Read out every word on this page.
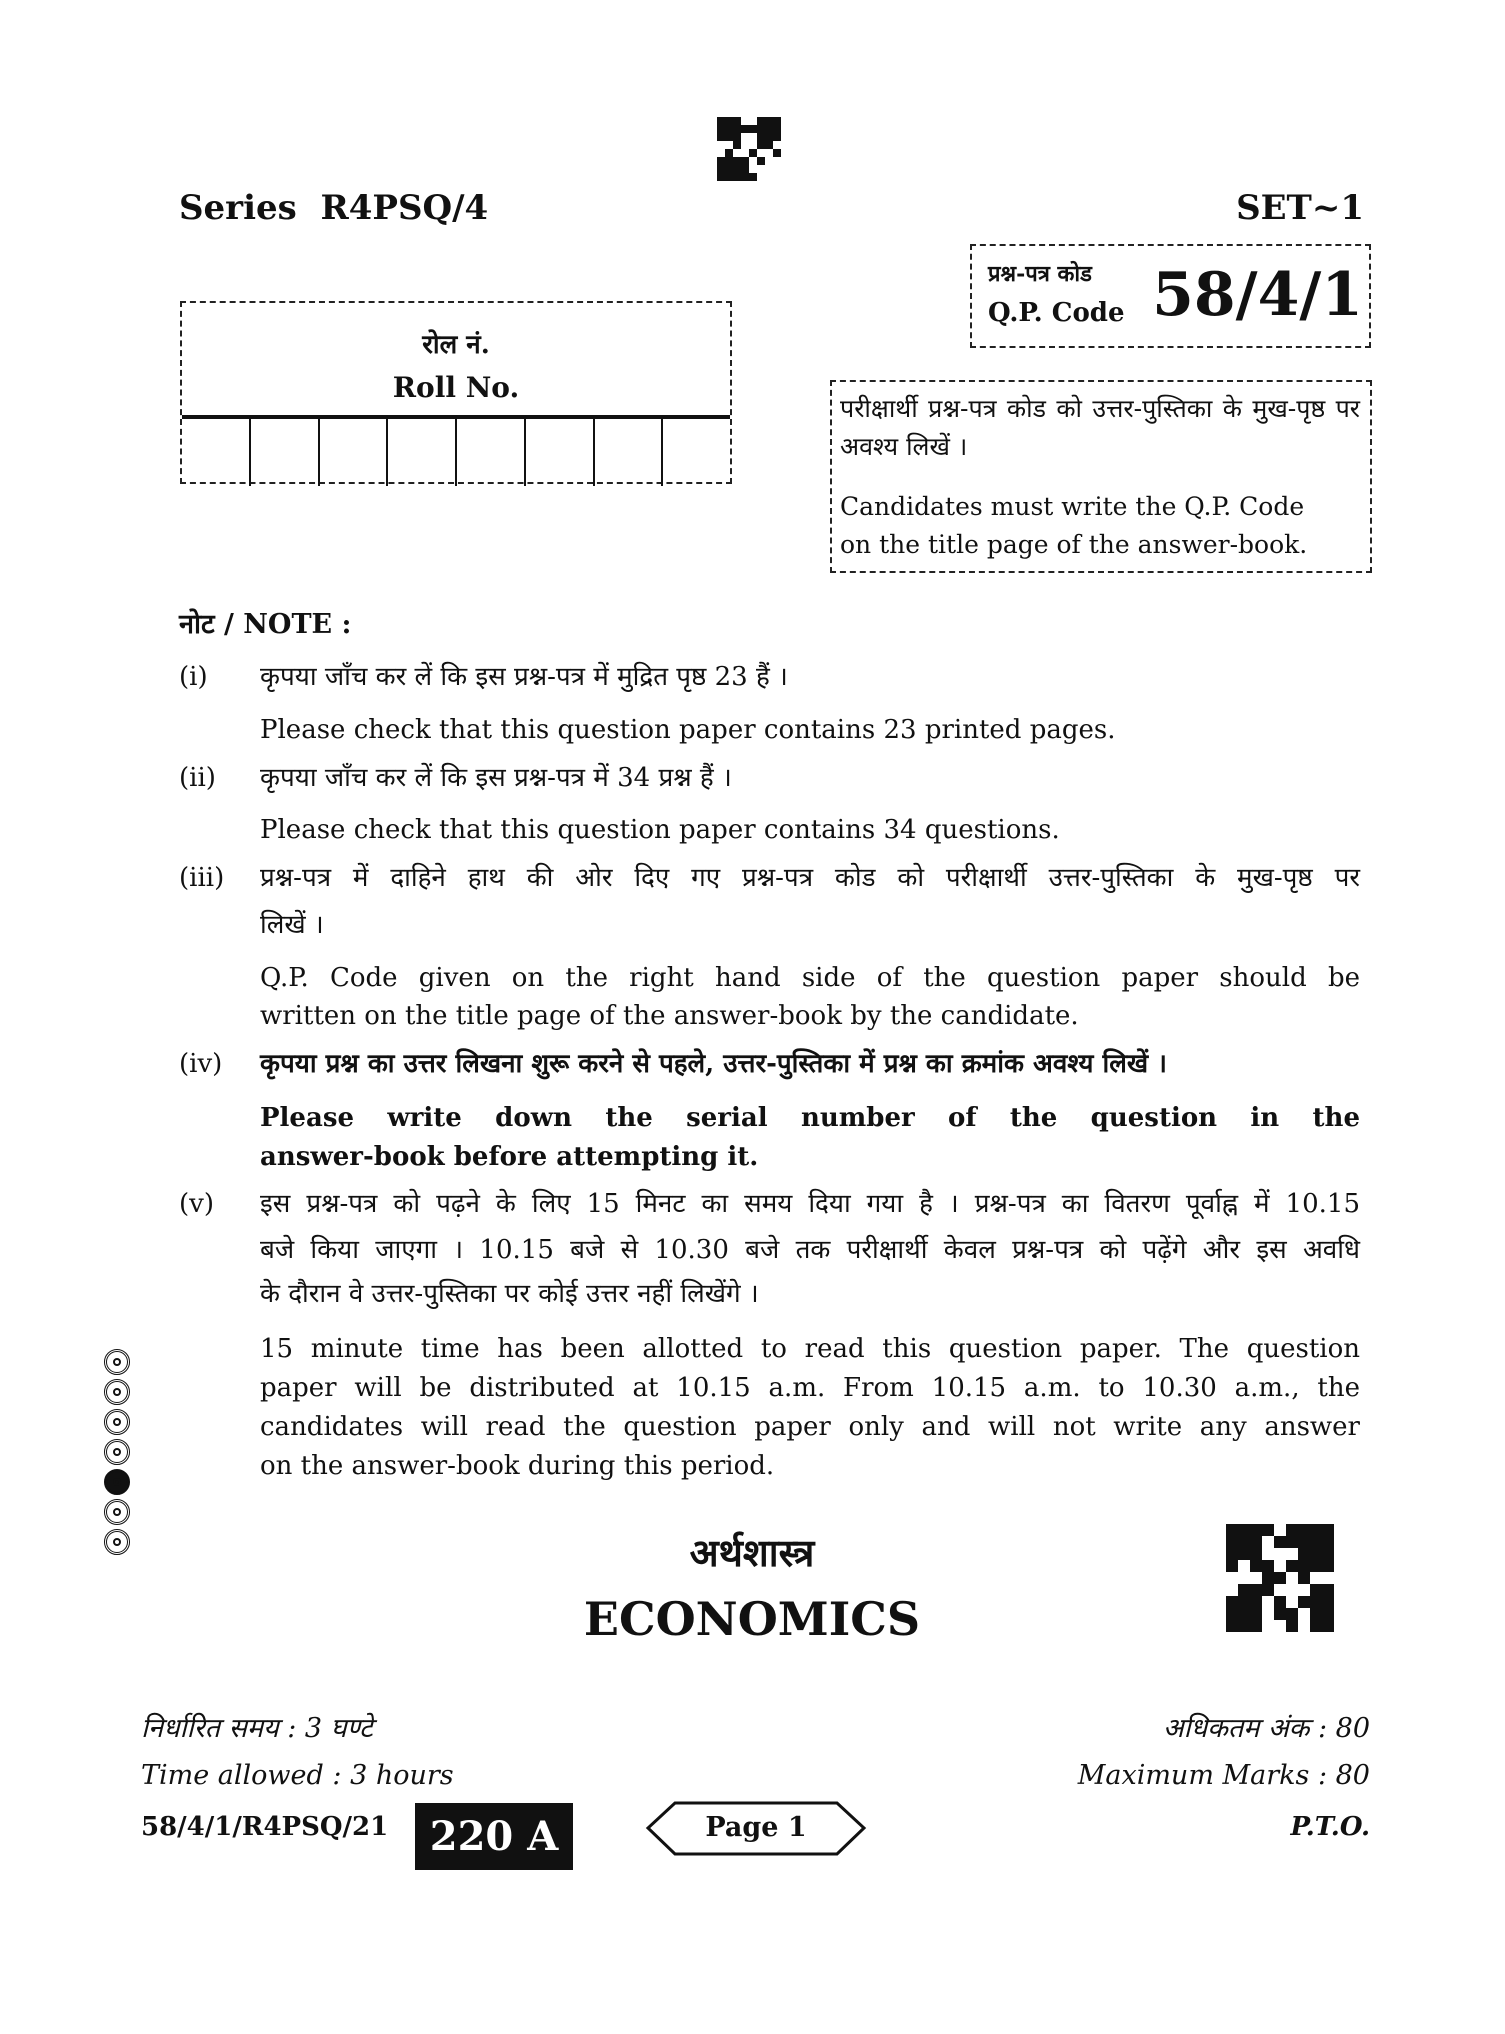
Series  R4PSQ/4	SET~1
प्रश्न-पत्र कोड
Q.P. Code 58/4/1
रोल नं.
Roll No.
परीक्षार्थी प्रश्न-पत्र कोड को उत्तर-पुस्तिका के मुख-पृष्ठ पर अवश्य लिखें ।
Candidates must write the Q.P. Code
on the title page of the answer-book.
नोट / NOTE :
(i) कृपया जाँच कर लें कि इस प्रश्न-पत्र में मुद्रित पृष्ठ 23 हैं ।
Please check that this question paper contains 23 printed pages.
(ii) कृपया जाँच कर लें कि इस प्रश्न-पत्र में 34 प्रश्न हैं ।
Please check that this question paper contains 34 questions.
(iii) प्रश्न-पत्र में दाहिने हाथ की ओर दिए गए प्रश्न-पत्र कोड को परीक्षार्थी उत्तर-पुस्तिका के मुख-पृष्ठ पर
लिखें ।
Q.P. Code given on the right hand side of the question paper should be
written on the title page of the answer-book by the candidate.
(iv) कृपया प्रश्न का उत्तर लिखना शुरू करने से पहले, उत्तर-पुस्तिका में प्रश्न का क्रमांक अवश्य लिखें ।
Please write down the serial number of the question in the
answer-book before attempting it.
(v) इस प्रश्न-पत्र को पढ़ने के लिए 15 मिनट का समय दिया गया है । प्रश्न-पत्र का वितरण पूर्वाह्न में 10.15
बजे किया जाएगा । 10.15 बजे से 10.30 बजे तक परीक्षार्थी केवल प्रश्न-पत्र को पढ़ेंगे और इस अवधि
के दौरान वे उत्तर-पुस्तिका पर कोई उत्तर नहीं लिखेंगे ।
15 minute time has been allotted to read this question paper. The question
paper will be distributed at 10.15 a.m. From 10.15 a.m. to 10.30 a.m., the
candidates will read the question paper only and will not write any answer
on the answer-book during this period.
अर्थशास्त्र
ECONOMICS
निर्धारित समय : 3 घण्टे
Time allowed : 3 hours
अधिकतम अंक : 80
Maximum Marks : 80
58/4/1/R4PSQ/21	220 A	Page 1	P.T.O.
